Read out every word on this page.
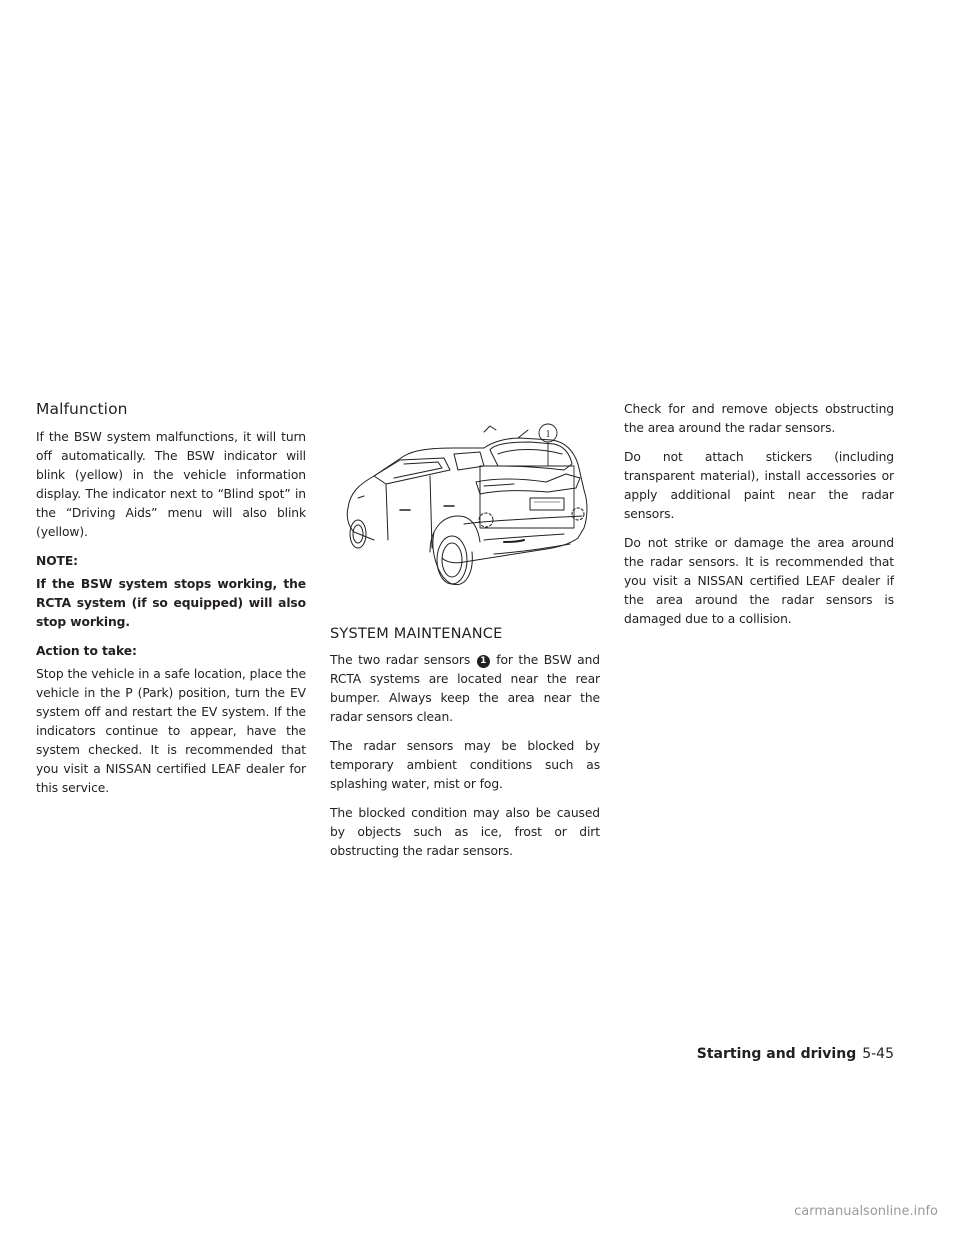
Malfunction

If the BSW system malfunctions, it will turn off automatically. The BSW indicator will blink (yellow) in the vehicle information display. The indicator next to “Blind spot” in the “Driving Aids” menu will also blink (yellow).

NOTE:

If the BSW system stops working, the RCTA system (if so equipped) will also stop working.

Action to take:

Stop the vehicle in a safe location, place the vehicle in the P (Park) position, turn the EV system off and restart the EV system. If the indicators continue to appear, have the system checked. It is recommended that you visit a NISSAN certified LEAF dealer for this service.

1
SYSTEM MAINTENANCE

The two radar sensors 1 for the BSW and RCTA systems are located near the rear bumper. Always keep the area near the radar sensors clean.

The radar sensors may be blocked by temporary ambient conditions such as splashing water, mist or fog.

The blocked condition may also be caused by objects such as ice, frost or dirt obstructing the radar sensors.

Check for and remove objects obstructing the area around the radar sensors.

Do not attach stickers (including transparent material), install accessories or apply additional paint near the radar sensors.

Do not strike or damage the area around the radar sensors. It is recommended that you visit a NISSAN certified LEAF dealer if the area around the radar sensors is damaged due to a collision.

Starting and driving 5-45
carmanualsonline.info
